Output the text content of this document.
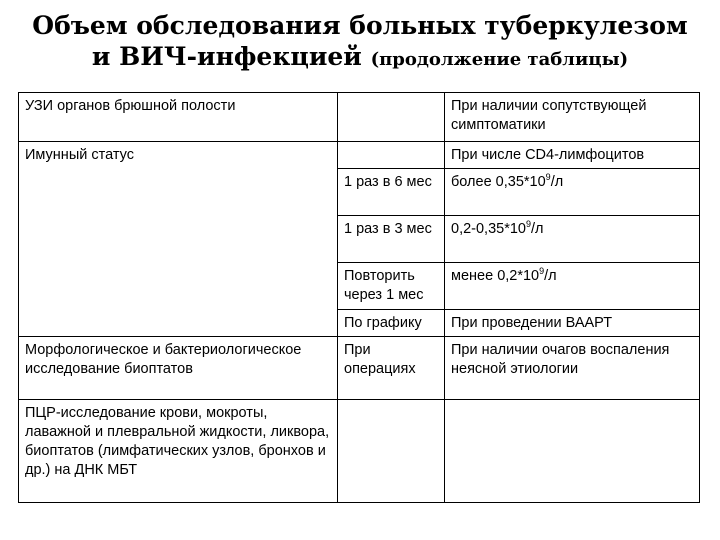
Объем обследования больных туберкулезом
и ВИЧ-инфекцией (продолжение таблицы)
УЗИ органов брюшной полости		При наличии сопутствующей симптоматики
Имунный статус		При числе CD4-лимфоцитов
	1 раз в 6 мес	более $0,35*10^9/л$
	1 раз в 3 мес	$0,2-0,35*10^9/л$
	Повторить через 1 мес	менее $0,2*10^9/л$
	По графику	При проведении ВААРТ
Морфологическое и бактериологическое исследование биоптатов	При операциях	При наличии очагов воспаления неясной этиологии
ПЦР-исследование крови, мокроты, лаважной и плевральной жидкости, ликвора, биоптатов (лимфатических узлов, бронхов и др.) на ДНК МБТ		
